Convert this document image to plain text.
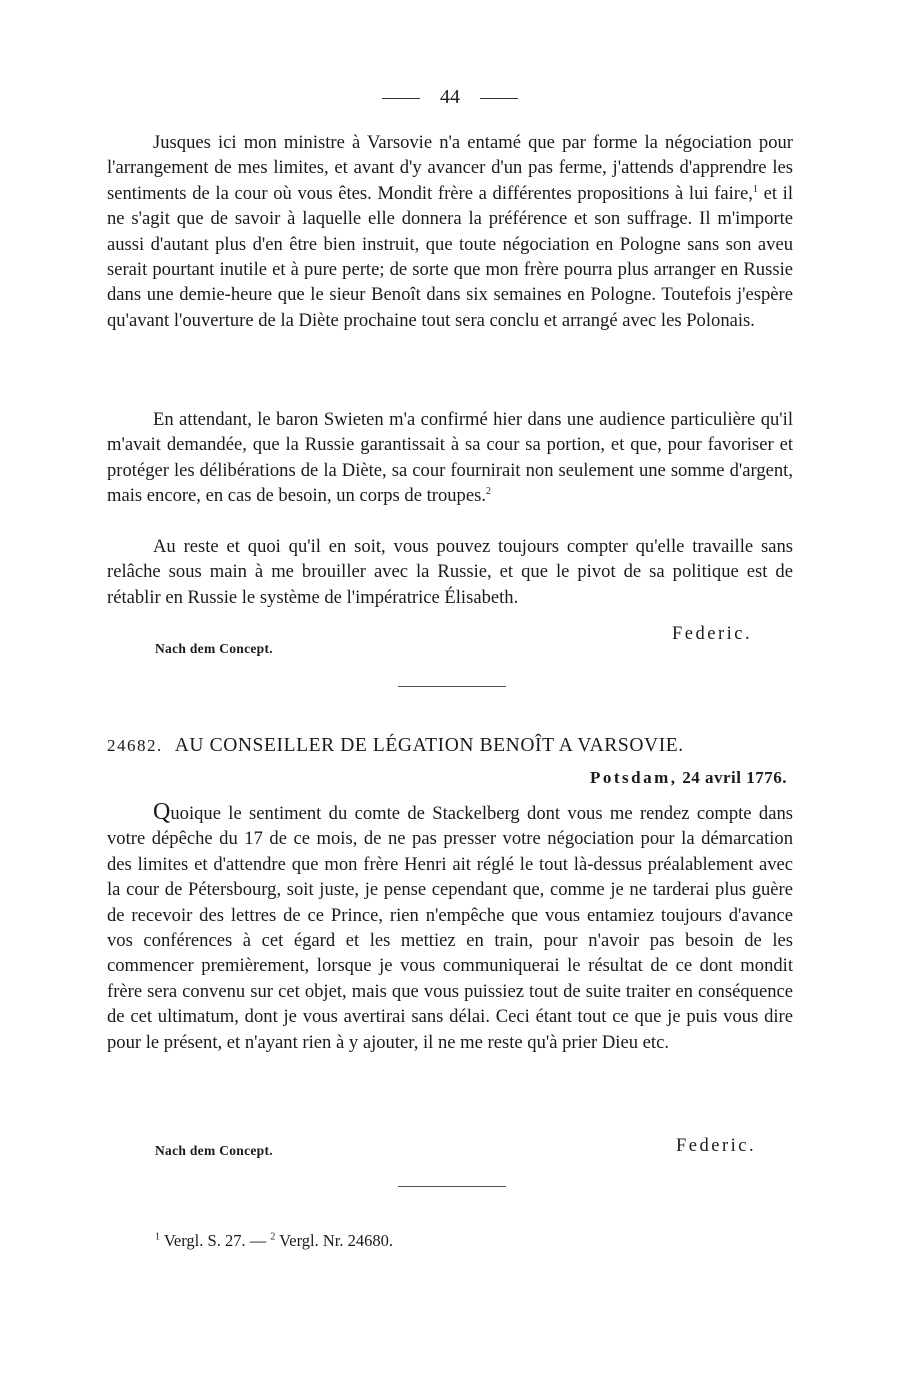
44

Jusques ici mon ministre à Varsovie n'a entamé que par forme la négociation pour l'arrangement de mes limites, et avant d'y avancer d'un pas ferme, j'attends d'apprendre les sentiments de la cour où vous êtes. Mondit frère a différentes propositions à lui faire,$^1$ et il ne s'agit que de savoir à laquelle elle donnera la préférence et son suffrage. Il m'importe aussi d'autant plus d'en être bien instruit, que toute négociation en Pologne sans son aveu serait pourtant inutile et à pure perte; de sorte que mon frère pourra plus arranger en Russie dans une demie-heure que le sieur Benoît dans six semaines en Pologne. Toutefois j'espère qu'avant l'ouverture de la Diète prochaine tout sera conclu et arrangé avec les Polonais.

En attendant, le baron Swieten m'a confirmé hier dans une audience particulière qu'il m'avait demandée, que la Russie garantissait à sa cour sa portion, et que, pour favoriser et protéger les délibérations de la Diète, sa cour fournirait non seulement une somme d'argent, mais encore, en cas de besoin, un corps de troupes.$^2$

Au reste et quoi qu'il en soit, vous pouvez toujours compter qu'elle travaille sans relâche sous main à me brouiller avec la Russie, et que le pivot de sa politique est de rétablir en Russie le système de l'impératrice Élisabeth.

Federic.
Nach dem Concept.
24682. AU CONSEILLER DE LÉGATION BENOÎT A VARSOVIE.
Potsdam, 24 avril 1776.

Quoique le sentiment du comte de Stackelberg dont vous me rendez compte dans votre dépêche du 17 de ce mois, de ne pas presser votre négociation pour la démarcation des limites et d'attendre que mon frère Henri ait réglé le tout là-dessus préalablement avec la cour de Pétersbourg, soit juste, je pense cependant que, comme je ne tarderai plus guère de recevoir des lettres de ce Prince, rien n'empêche que vous entamiez toujours d'avance vos conférences à cet égard et les mettiez en train, pour n'avoir pas besoin de les commencer premièrement, lorsque je vous communiquerai le résultat de ce dont mondit frère sera convenu sur cet objet, mais que vous puissiez tout de suite traiter en conséquence de cet ultimatum, dont je vous avertirai sans délai. Ceci étant tout ce que je puis vous dire pour le présent, et n'ayant rien à y ajouter, il ne me reste qu'à prier Dieu etc.

Nach dem Concept.	Federic.
$^1$ Vergl. S. 27. — $^2$ Vergl. Nr. 24680.
